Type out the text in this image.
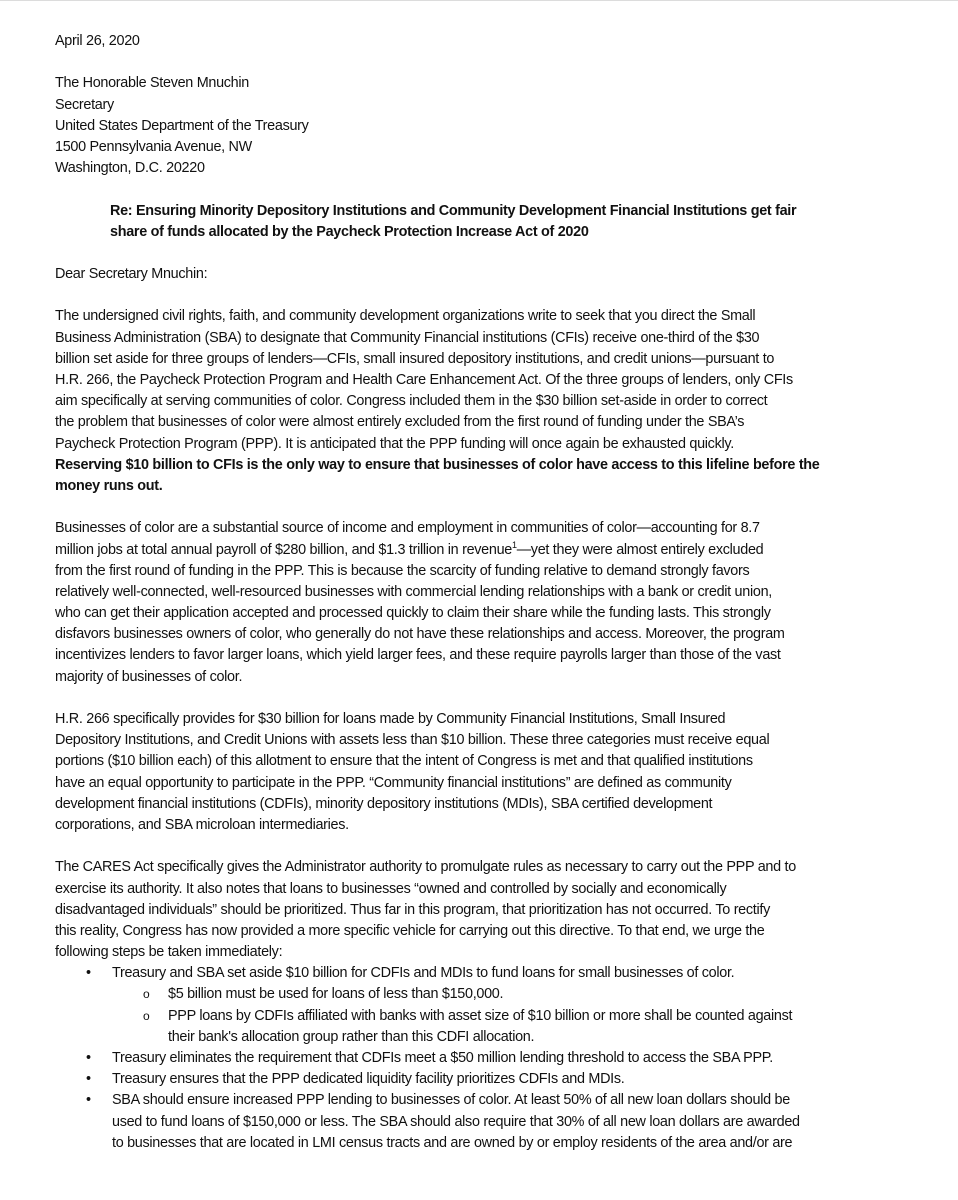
April 26, 2020
The Honorable Steven Mnuchin
Secretary
United States Department of the Treasury
1500 Pennsylvania Avenue, NW
Washington, D.C. 20220
Re: Ensuring Minority Depository Institutions and Community Development Financial Institutions get fair
share of funds allocated by the Paycheck Protection Increase Act of 2020
Dear Secretary Mnuchin:
The undersigned civil rights, faith, and community development organizations write to seek that you direct the Small
Business Administration (SBA) to designate that Community Financial institutions (CFIs) receive one-third of the $30
billion set aside for three groups of lenders—CFIs, small insured depository institutions, and credit unions—pursuant to
H.R. 266, the Paycheck Protection Program and Health Care Enhancement Act. Of the three groups of lenders, only CFIs
aim specifically at serving communities of color. Congress included them in the $30 billion set-aside in order to correct
the problem that businesses of color were almost entirely excluded from the first round of funding under the SBA’s
Paycheck Protection Program (PPP). It is anticipated that the PPP funding will once again be exhausted quickly.
Reserving $10 billion to CFIs is the only way to ensure that businesses of color have access to this lifeline before the
money runs out.
Businesses of color are a substantial source of income and employment in communities of color—accounting for 8.7
million jobs at total annual payroll of $280 billion, and $1.3 trillion in revenue$^1$—yet they were almost entirely excluded
from the first round of funding in the PPP. This is because the scarcity of funding relative to demand strongly favors
relatively well-connected, well-resourced businesses with commercial lending relationships with a bank or credit union,
who can get their application accepted and processed quickly to claim their share while the funding lasts. This strongly
disfavors businesses owners of color, who generally do not have these relationships and access. Moreover, the program
incentivizes lenders to favor larger loans, which yield larger fees, and these require payrolls larger than those of the vast
majority of businesses of color.
H.R. 266 specifically provides for $30 billion for loans made by Community Financial Institutions, Small Insured
Depository Institutions, and Credit Unions with assets less than $10 billion. These three categories must receive equal
portions ($10 billion each) of this allotment to ensure that the intent of Congress is met and that qualified institutions
have an equal opportunity to participate in the PPP. “Community financial institutions” are defined as community
development financial institutions (CDFIs), minority depository institutions (MDIs), SBA certified development
corporations, and SBA microloan intermediaries.
The CARES Act specifically gives the Administrator authority to promulgate rules as necessary to carry out the PPP and to
exercise its authority. It also notes that loans to businesses “owned and controlled by socially and economically
disadvantaged individuals” should be prioritized. Thus far in this program, that prioritization has not occurred. To rectify
this reality, Congress has now provided a more specific vehicle for carrying out this directive. To that end, we urge the
following steps be taken immediately:
• Treasury and SBA set aside $10 billion for CDFIs and MDIs to fund loans for small businesses of color.
o $5 billion must be used for loans of less than $150,000.
o PPP loans by CDFIs affiliated with banks with asset size of $10 billion or more shall be counted against
their bank's allocation group rather than this CDFI allocation.
• Treasury eliminates the requirement that CDFIs meet a $50 million lending threshold to access the SBA PPP.
• Treasury ensures that the PPP dedicated liquidity facility prioritizes CDFIs and MDIs.
• SBA should ensure increased PPP lending to businesses of color. At least 50% of all new loan dollars should be
used to fund loans of $150,000 or less. The SBA should also require that 30% of all new loan dollars are awarded
to businesses that are located in LMI census tracts and are owned by or employ residents of the area and/or are
